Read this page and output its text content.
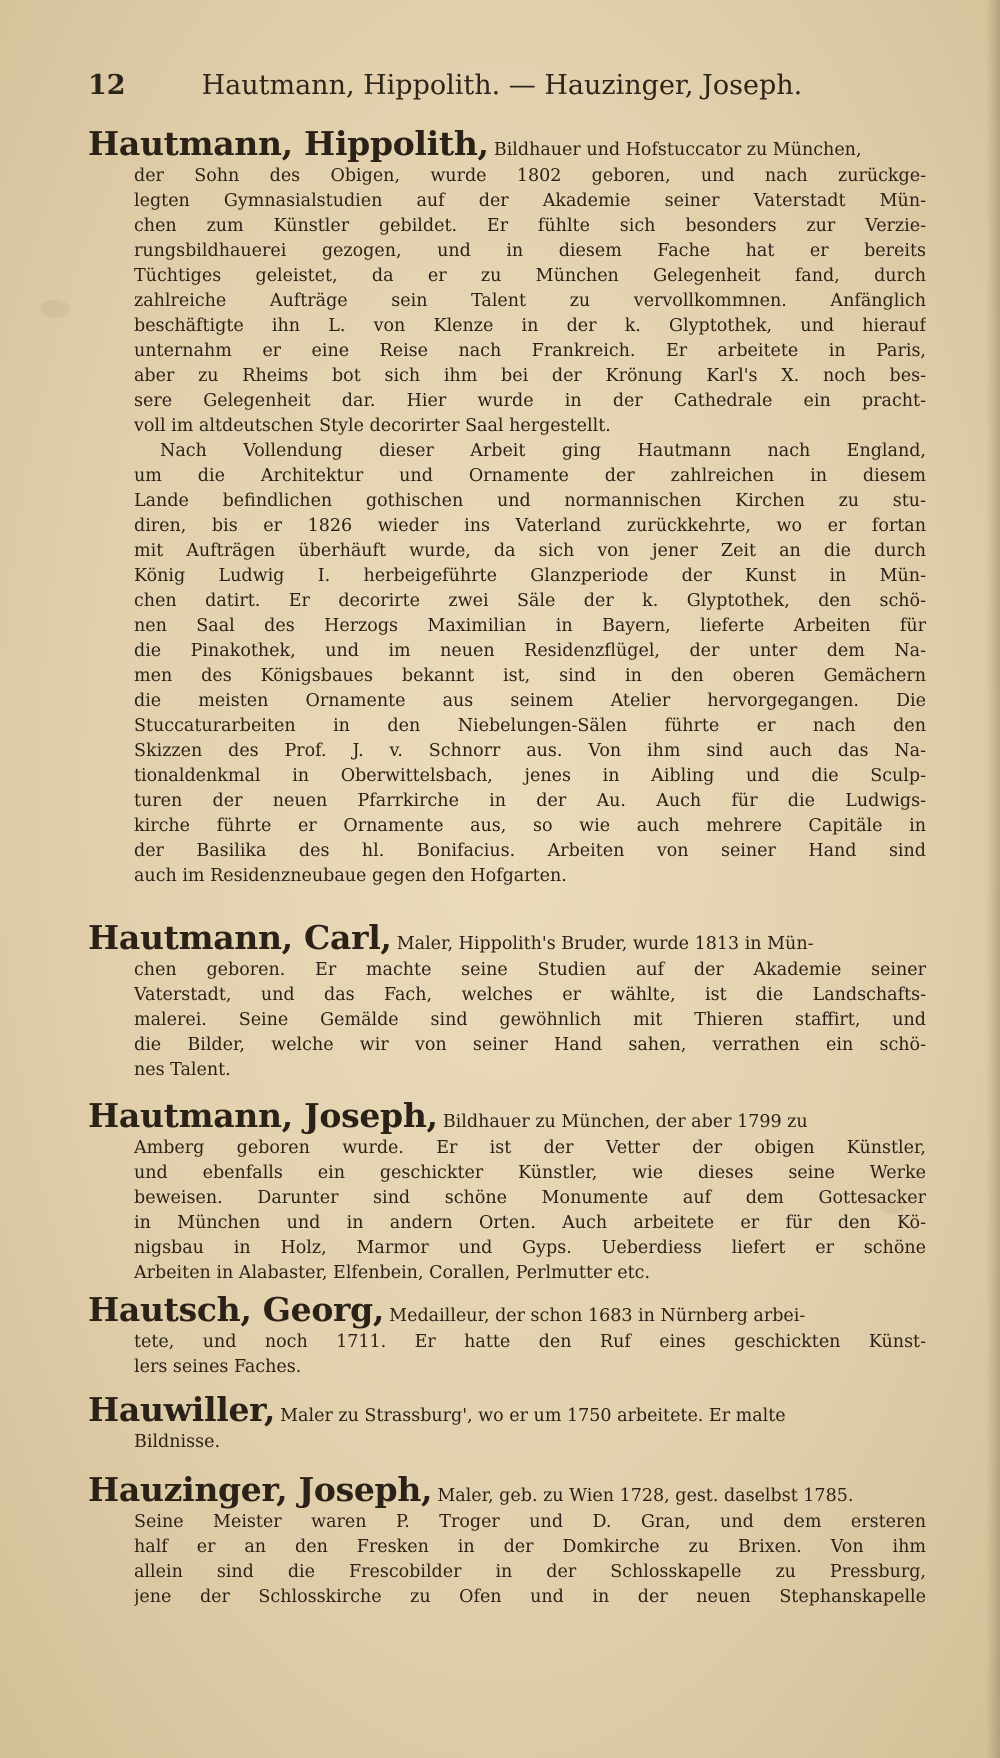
12	Hautmann, Hippolith. — Hauzinger, Joseph.
Hautmann, Hippolith, Bildhauer und Hofstuccator zu München,
der Sohn des Obigen, wurde 1802 geboren, und nach zurückge-
legten Gymnasialstudien auf der Akademie seiner Vaterstadt Mün-
chen zum Künstler gebildet. Er fühlte sich besonders zur Verzie-
rungsbildhauerei gezogen, und in diesem Fache hat er bereits
Tüchtiges geleistet, da er zu München Gelegenheit fand, durch
zahlreiche Aufträge sein Talent zu vervollkommnen. Anfänglich
beschäftigte ihn L. von Klenze in der k. Glyptothek, und hierauf
unternahm er eine Reise nach Frankreich. Er arbeitete in Paris,
aber zu Rheims bot sich ihm bei der Krönung Karl's X. noch bes-
sere Gelegenheit dar. Hier wurde in der Cathedrale ein pracht-
voll im altdeutschen Style decorirter Saal hergestellt.
Nach Vollendung dieser Arbeit ging Hautmann nach England,
um die Architektur und Ornamente der zahlreichen in diesem
Lande befindlichen gothischen und normannischen Kirchen zu stu-
diren, bis er 1826 wieder ins Vaterland zurückkehrte, wo er fortan
mit Aufträgen überhäuft wurde, da sich von jener Zeit an die durch
König Ludwig I. herbeigeführte Glanzperiode der Kunst in Mün-
chen datirt. Er decorirte zwei Säle der k. Glyptothek, den schö-
nen Saal des Herzogs Maximilian in Bayern, lieferte Arbeiten für
die Pinakothek, und im neuen Residenzflügel, der unter dem Na-
men des Königsbaues bekannt ist, sind in den oberen Gemächern
die meisten Ornamente aus seinem Atelier hervorgegangen. Die
Stuccaturarbeiten in den Niebelungen-Sälen führte er nach den
Skizzen des Prof. J. v. Schnorr aus. Von ihm sind auch das Na-
tionaldenkmal in Oberwittelsbach, jenes in Aibling und die Sculp-
turen der neuen Pfarrkirche in der Au. Auch für die Ludwigs-
kirche führte er Ornamente aus, so wie auch mehrere Capitäle in
der Basilika des hl. Bonifacius. Arbeiten von seiner Hand sind
auch im Residenzneubaue gegen den Hofgarten.
Hautmann, Carl, Maler, Hippolith's Bruder, wurde 1813 in Mün-
chen geboren. Er machte seine Studien auf der Akademie seiner
Vaterstadt, und das Fach, welches er wählte, ist die Landschafts-
malerei. Seine Gemälde sind gewöhnlich mit Thieren staffirt, und
die Bilder, welche wir von seiner Hand sahen, verrathen ein schö-
nes Talent.
Hautmann, Joseph, Bildhauer zu München, der aber 1799 zu
Amberg geboren wurde. Er ist der Vetter der obigen Künstler,
und ebenfalls ein geschickter Künstler, wie dieses seine Werke
beweisen. Darunter sind schöne Monumente auf dem Gottesacker
in München und in andern Orten. Auch arbeitete er für den Kö-
nigsbau in Holz, Marmor und Gyps. Ueberdiess liefert er schöne
Arbeiten in Alabaster, Elfenbein, Corallen, Perlmutter etc.
Hautsch, Georg, Medailleur, der schon 1683 in Nürnberg arbei-
tete, und noch 1711. Er hatte den Ruf eines geschickten Künst-
lers seines Faches.
Hauwiller, Maler zu Strassburg', wo er um 1750 arbeitete. Er malte
Bildnisse.
Hauzinger, Joseph, Maler, geb. zu Wien 1728, gest. daselbst 1785.
Seine Meister waren P. Troger und D. Gran, und dem ersteren
half er an den Fresken in der Domkirche zu Brixen. Von ihm
allein sind die Frescobilder in der Schlosskapelle zu Pressburg,
jene der Schlosskirche zu Ofen und in der neuen Stephanskapelle
